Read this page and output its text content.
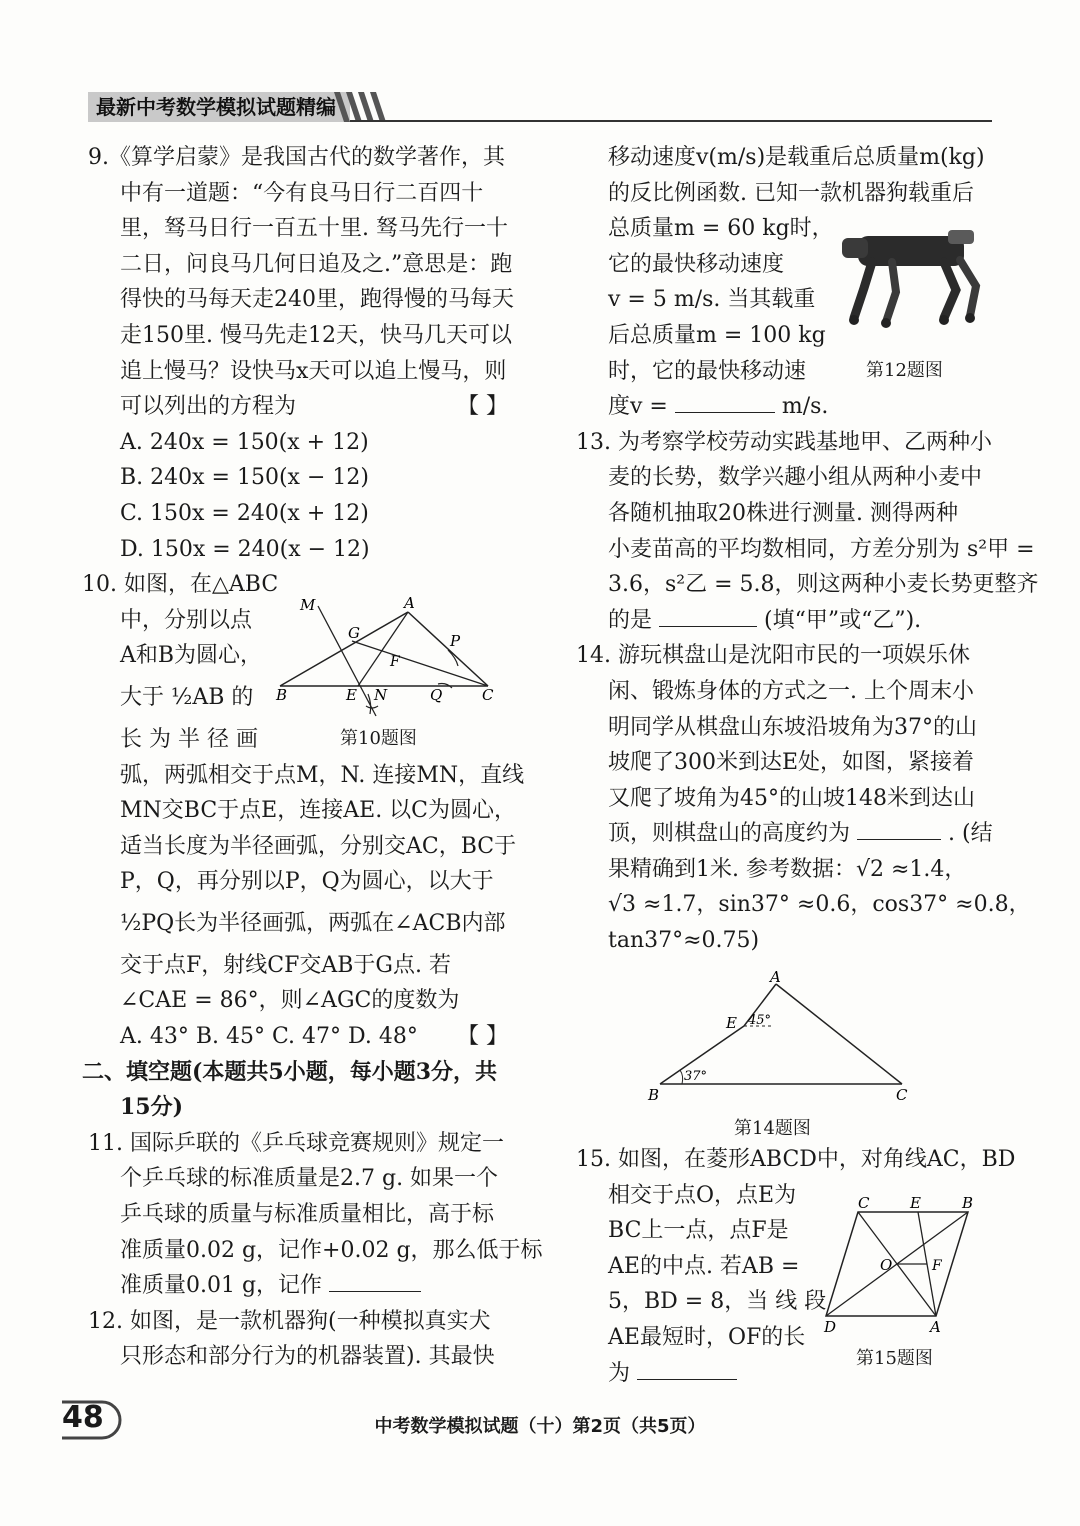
最新中考数学模拟试题精编
9.《算学启蒙》是我国古代的数学著作，其
中有一道题：“今有良马日行二百四十
里，驽马日行一百五十里. 驽马先行一十
二日，问良马几何日追及之.”意思是：跑
得快的马每天走240里，跑得慢的马每天
走150里. 慢马先走12天，快马几天可以
追上慢马？设快马x天可以追上慢马，则
可以列出的方程为	【 】
A. 240x = 150(x + 12)
B. 240x = 150(x − 12)
C. 150x = 240(x + 12)
D. 150x = 240(x − 12)
10. 如图，在△ABC
中，分别以点
A和B为圆心，
大于 ½AB 的
长 为 半 径 画
弧，两弧相交于点M，N. 连接MN，直线
MN交BC于点E，连接AE. 以C为圆心，
适当长度为半径画弧，分别交AC，BC于
P，Q，再分别以P，Q为圆心，以大于
½PQ长为半径画弧，两弧在∠ACB内部
交于点F，射线CF交AB于G点. 若
∠CAE = 86°，则∠AGC的度数为
【 】
A. 43° B. 45° C. 47° D. 48°
二、填空题(本题共5小题，每小题3分，共
15分)
11. 国际乒联的《乒乓球竞赛规则》规定一
个乒乓球的标准质量是2.7 g. 如果一个
乒乓球的质量与标准质量相比，高于标
准质量0.02 g，记作+0.02 g，那么低于标
准质量0.01 g，记作
12. 如图，是一款机器狗(一种模拟真实犬
只形态和部分行为的机器装置). 其最快
M	A
G	P
F
B	E N	Q	C
第10题图
移动速度v(m/s)是载重后总质量m(kg)
的反比例函数. 已知一款机器狗载重后
总质量m = 60 kg时，
它的最快移动速度
v = 5 m/s. 当其载重
后总质量m = 100 kg
时，它的最快移动速
度v =	m/s.
13. 为考察学校劳动实践基地甲、乙两种小
麦的长势，数学兴趣小组从两种小麦中
各随机抽取20株进行测量. 测得两种
小麦苗高的平均数相同，方差分别为 s²甲 =
3.6，s²乙 = 5.8，则这两种小麦长势更整齐
的是	(填“甲”或“乙”).
14. 游玩棋盘山是沈阳市民的一项娱乐休
闲、锻炼身体的方式之一. 上个周末小
明同学从棋盘山东坡沿坡角为37°的山
坡爬了300米到达E处，如图，紧接着
又爬了坡角为45°的山坡148米到达山
顶，则棋盘山的高度约为	. (结
果精确到1米. 参考数据：√2 ≈1.4，
√3 ≈1.7，sin37° ≈0.6，cos37° ≈0.8，
tan37°≈0.75)
第12题图
A
E 45°
37°
B	C
第14题图
15. 如图，在菱形ABCD中，对角线AC，BD
相交于点O，点E为
BC上一点，点F是
AE的中点. 若AB =
5，BD = 8，当 线 段
AE最短时，OF的长
为
C	E	B
O	F
D	A
第15题图
48	中考数学模拟试题（十）第2页（共5页）
